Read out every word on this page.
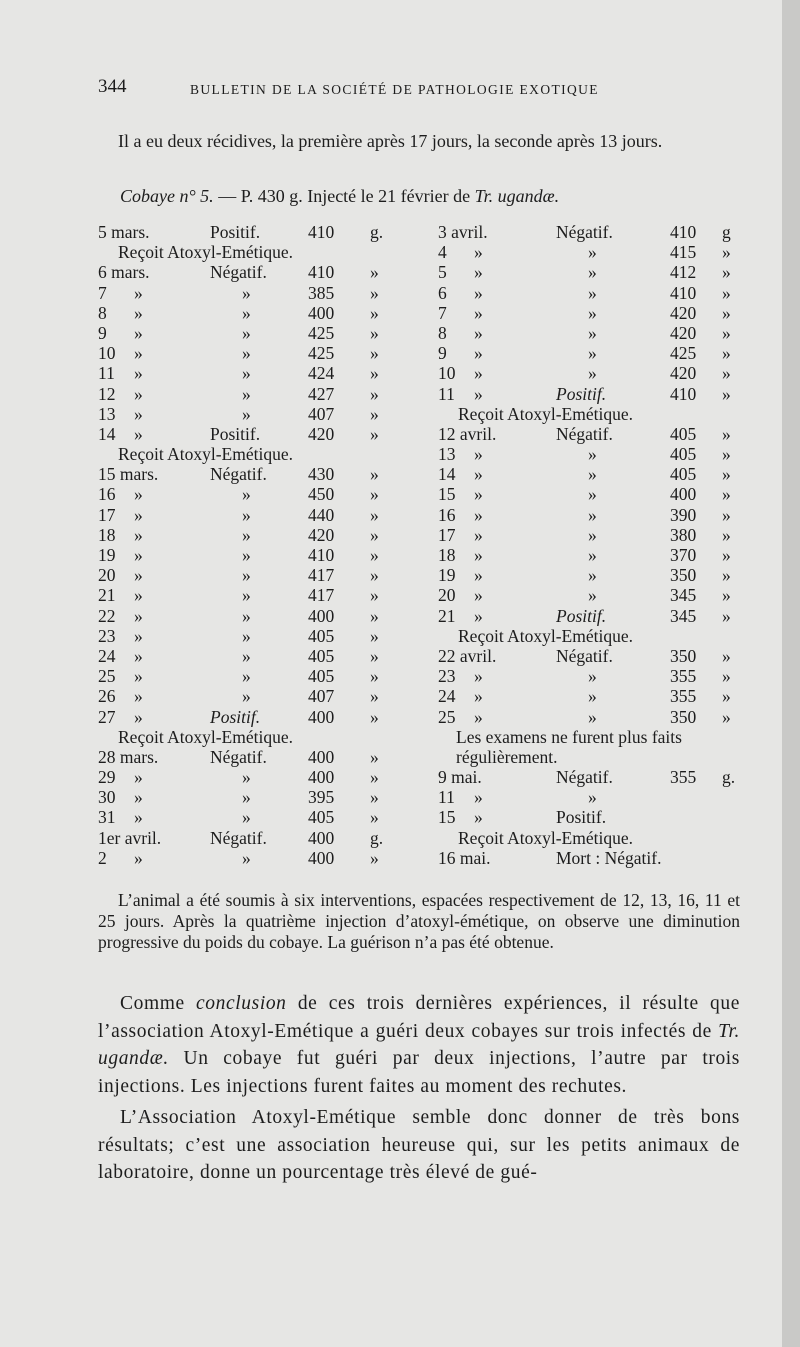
344	BULLETIN DE LA SOCIÉTÉ DE PATHOLOGIE EXOTIQUE
Il a eu deux récidives, la première après 17 jours, la seconde après 13 jours.
Cobaye n° 5. — P. 430 g. Injecté le 21 février de Tr. ugandæ.
5 mars.	Positif.	410 g.
Reçoit Atoxyl-Emétique.
6 mars.	Négatif. 410 »
7 »	»	385 »
8 »	»	400 »
9 »	»	425 »
10 »	»	425 »
11 »	»	424 »
12 »	»	427 »
13 »	»	407 »
14 »	Positif.	420 »
Reçoit Atoxyl-Emétique.
15 mars.	Négatif. 430 »
16 »	»	450 »
17 »	»	440 »
18 »	»	420 »
19 »	»	410 »
20 »	»	417 »
21 »	»	417 »
22 »	»	400 »
23 »	»	405 »
24 »	»	405 »
25 »	»	405 »
26 »	»	407 »
27 »	Positif.	400 »
Reçoit Atoxyl-Emétique.
28 mars.	Négatif. 400 »
29 »	»	400 »
30 »	»	395 »
31 »	»	405 »
1er avril.	Négatif. 400 g.
2 »	»	400 »
3 avril.	Négatif.	410 g
4 »	»	415 »
5 »	»	412 »
6 »	»	410 »
7 »	»	420 »
8 »	»	420 »
9 »	»	425 »
10 »	»	420 »
11 »	Positif.	410 »
Reçoit Atoxyl-Emétique.
12 avril.	Négatif.	405 »
13 »	»	405 »
14 »	»	405 »
15 »	»	400 »
16 »	»	390 »
17 »	»	380 »
18 »	»	370 »
19 »	»	350 »
20 »	»	345 »
21 »	Positif.	345 »
Reçoit Atoxyl-Emétique.
22 avril.	Négatif.	350 »
23 »	»	355 »
24 »	»	355 »
25 »	»	350 »
Les examens ne furent plus faits
régulièrement.
9 mai.	Négatif.	355 g.
11 »	»
15 »	Positif.
Reçoit Atoxyl-Emétique.
16 mai.	Mort : Négatif.
L’animal a été soumis à six interventions, espacées respectivement de 12, 13, 16, 11 et 25 jours. Après la quatrième injection d’atoxyl-émétique, on observe une diminution progressive du poids du cobaye. La guérison n’a pas été obtenue.

Comme conclusion de ces trois dernières expériences, il résulte que l’association Atoxyl-Emétique a guéri deux cobayes sur trois infectés de Tr. ugandæ. Un cobaye fut guéri par deux injections, l’autre par trois injections. Les injections furent faites au moment des rechutes.

L’Association Atoxyl-Emétique semble donc donner de très bons résultats; c’est une association heureuse qui, sur les petits animaux de laboratoire, donne un pourcentage très élevé de gué-
